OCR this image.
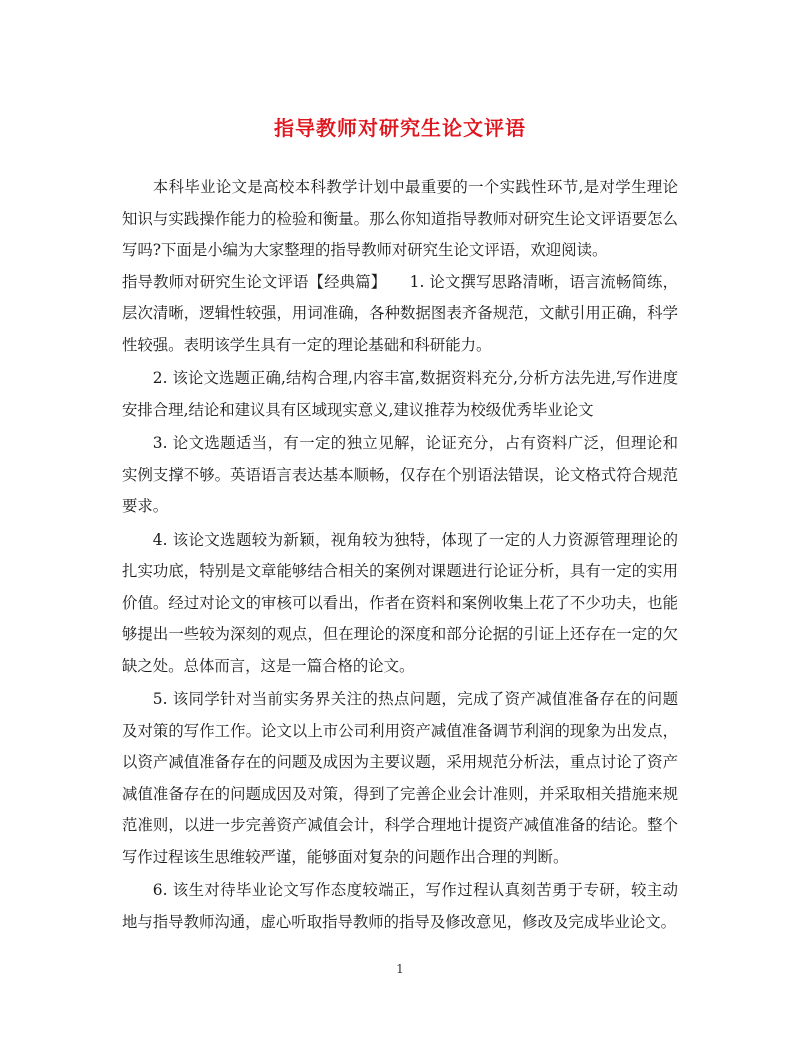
指导教师对研究生论文评语

本科毕业论文是高校本科教学计划中最重要的一个实践性环节,是对学生理论知识与实践操作能力的检验和衡量。那么你知道指导教师对研究生论文评语要怎么写吗?下面是小编为大家整理的指导教师对研究生论文评语，欢迎阅读。

指导教师对研究生论文评语【经典篇】　　1. 论文撰写思路清晰，语言流畅简练，层次清晰，逻辑性较强，用词准确，各种数据图表齐备规范，文献引用正确，科学性较强。表明该学生具有一定的理论基础和科研能力。

2. 该论文选题正确,结构合理,内容丰富,数据资料充分,分析方法先进,写作进度安排合理,结论和建议具有区域现实意义,建议推荐为校级优秀毕业论文

3. 论文选题适当，有一定的独立见解，论证充分，占有资料广泛，但理论和实例支撑不够。英语语言表达基本顺畅，仅存在个别语法错误，论文格式符合规范要求。

4. 该论文选题较为新颖，视角较为独特，体现了一定的人力资源管理理论的扎实功底，特别是文章能够结合相关的案例对课题进行论证分析，具有一定的实用价值。经过对论文的审核可以看出，作者在资料和案例收集上花了不少功夫，也能够提出一些较为深刻的观点，但在理论的深度和部分论据的引证上还存在一定的欠缺之处。总体而言，这是一篇合格的论文。

5. 该同学针对当前实务界关注的热点问题，完成了资产减值准备存在的问题及对策的写作工作。论文以上市公司利用资产减值准备调节利润的现象为出发点，以资产减值准备存在的问题及成因为主要议题，采用规范分析法，重点讨论了资产减值准备存在的问题成因及对策，得到了完善企业会计准则，并采取相关措施来规范准则，以进一步完善资产减值会计，科学合理地计提资产减值准备的结论。整个写作过程该生思维较严谨，能够面对复杂的问题作出合理的判断。

6. 该生对待毕业论文写作态度较端正，写作过程认真刻苦勇于专研，较主动地与指导教师沟通，虚心听取指导教师的指导及修改意见，修改及完成毕业论文。

1
